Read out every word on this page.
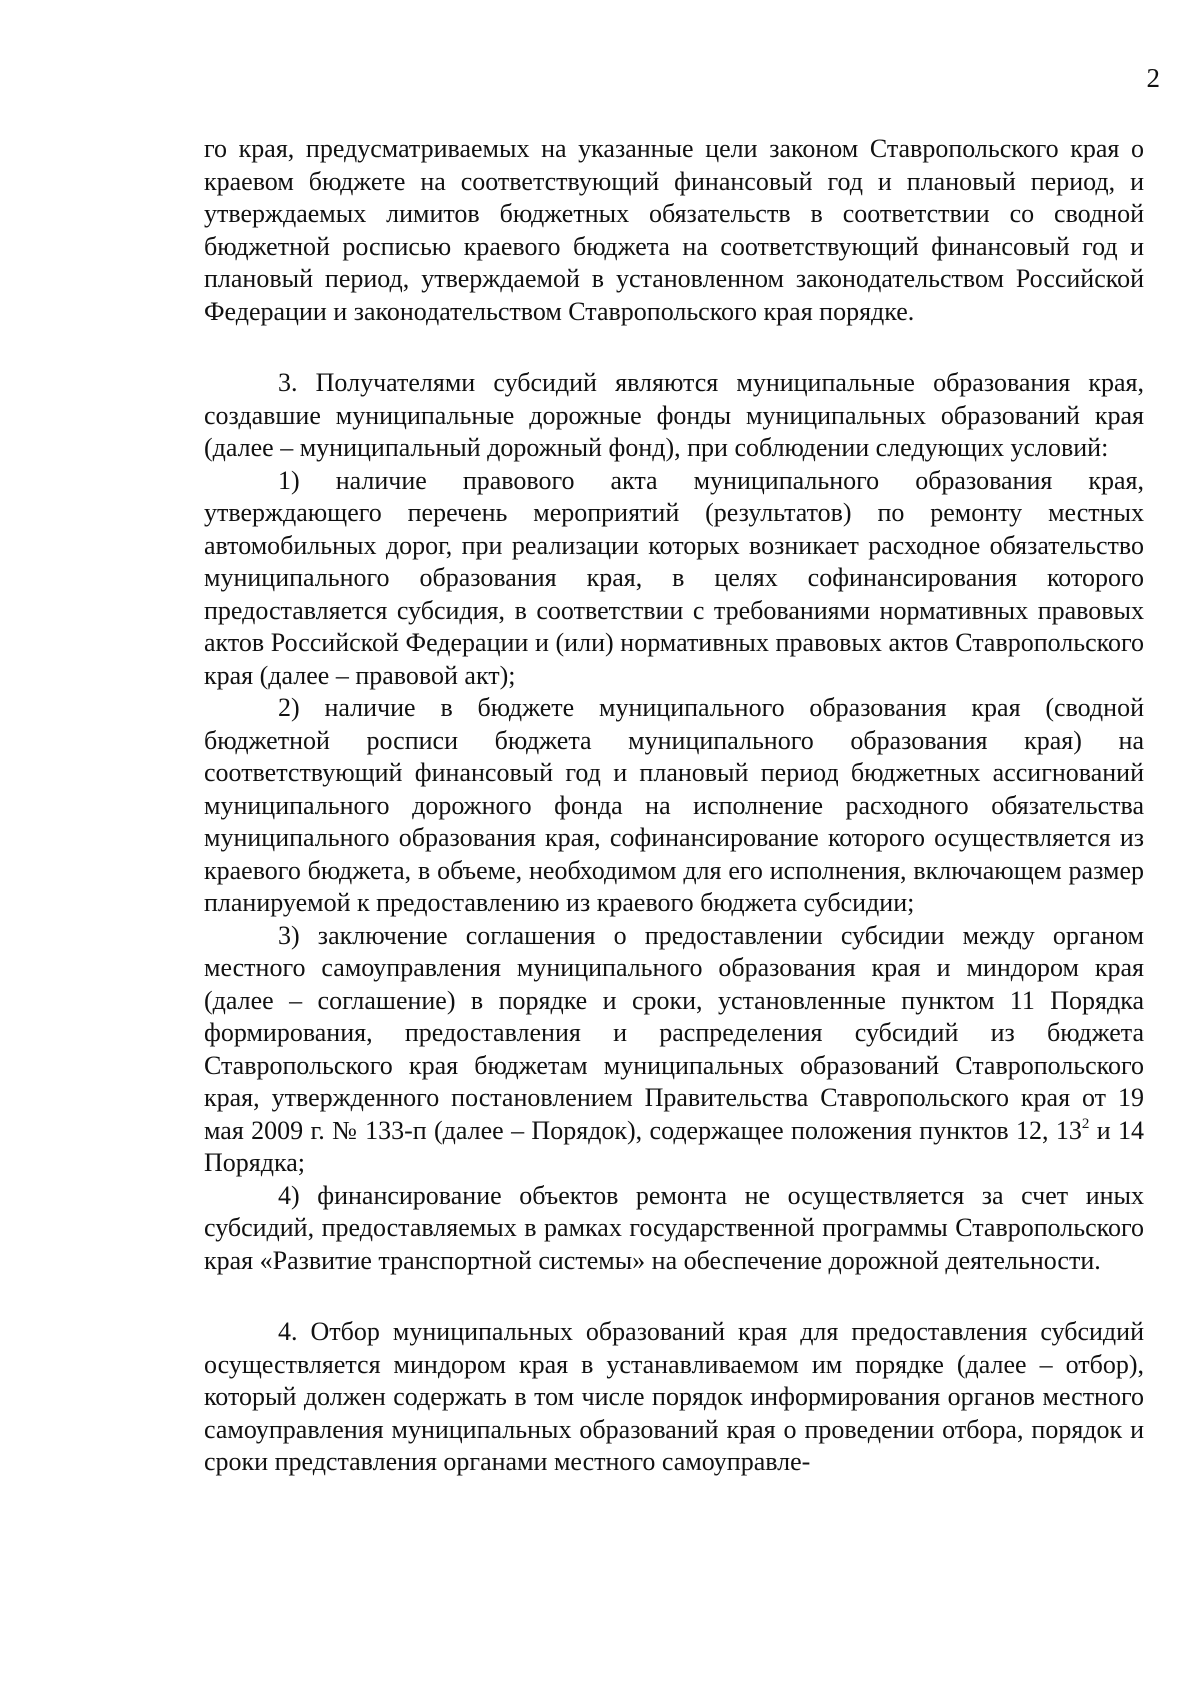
2

го края, предусматриваемых на указанные цели законом Ставропольского края о краевом бюджете на соответствующий финансовый год и плановый период, и утверждаемых лимитов бюджетных обязательств в соответствии со сводной бюджетной росписью краевого бюджета на соответствующий финансовый год и плановый период, утверждаемой в установленном законодательством Российской Федерации и законодательством Ставропольского края порядке.

3. Получателями субсидий являются муниципальные образования края, создавшие муниципальные дорожные фонды муниципальных образований края (далее – муниципальный дорожный фонд), при соблюдении следующих условий:

1) наличие правового акта муниципального образования края, утверждающего перечень мероприятий (результатов) по ремонту местных автомобильных дорог, при реализации которых возникает расходное обязательство муниципального образования края, в целях софинансирования которого предоставляется субсидия, в соответствии с требованиями нормативных правовых актов Российской Федерации и (или) нормативных правовых актов Ставропольского края (далее – правовой акт);

2) наличие в бюджете муниципального образования края (сводной бюджетной росписи бюджета муниципального образования края) на соответствующий финансовый год и плановый период бюджетных ассигнований муниципального дорожного фонда на исполнение расходного обязательства муниципального образования края, софинансирование которого осуществляется из краевого бюджета, в объеме, необходимом для его исполнения, включающем размер планируемой к предоставлению из краевого бюджета субсидии;

3) заключение соглашения о предоставлении субсидии между органом местного самоуправления муниципального образования края и миндором края (далее – соглашение) в порядке и сроки, установленные пунктом 11 Порядка формирования, предоставления и распределения субсидий из бюджета Ставропольского края бюджетам муниципальных образований Ставропольского края, утвержденного постановлением Правительства Ставропольского края от 19 мая 2009 г. № 133-п (далее – Порядок), содержащее положения пунктов 12, $13^2$ и 14 Порядка;

4) финансирование объектов ремонта не осуществляется за счет иных субсидий, предоставляемых в рамках государственной программы Ставропольского края «Развитие транспортной системы» на обеспечение дорожной деятельности.

4. Отбор муниципальных образований края для предоставления субсидий осуществляется миндором края в устанавливаемом им порядке (далее – отбор), который должен содержать в том числе порядок информирования органов местного самоуправления муниципальных образований края о проведении отбора, порядок и сроки представления органами местного самоуправле-
